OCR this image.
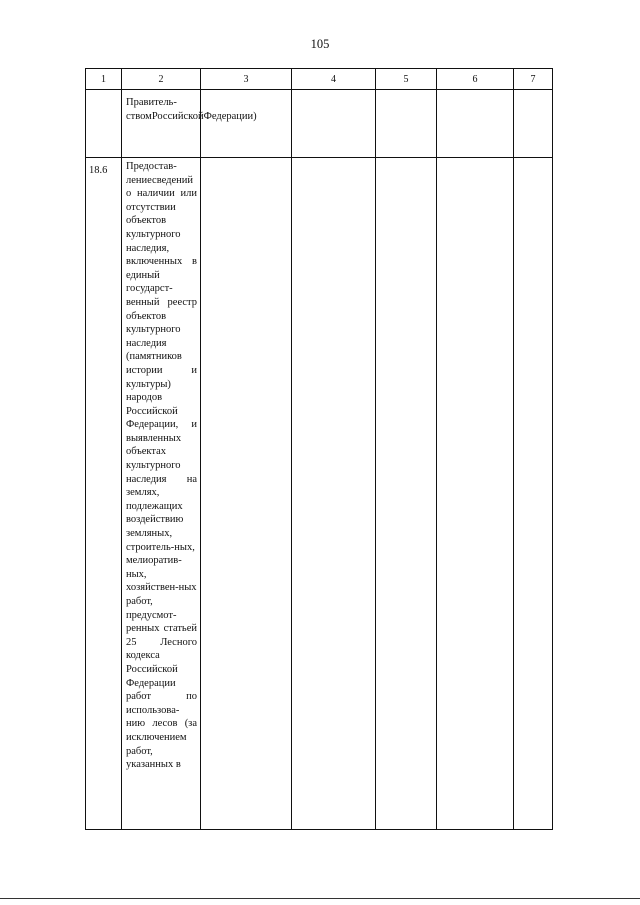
105
1	2	3	4	5	6	7

	Правитель-ствомРоссийскойФедерации)					

18.6	Предостав-лениесведений о наличии или отсутствии объектов культурного наследия, включенных в единый государст-венный реестр объектов культурного наследия (памятников истории и культуры) народов Российской Федерации, и выявленных объектах культурного наследия на землях, подлежащих воздействию земляных, строитель-ных, мелиоратив-ных, хозяйствен-ных работ, предусмот-ренных статьей 25 Лесного кодекса Российской Федерации работ по использова-нию лесов (за исключением работ, указанных в					
